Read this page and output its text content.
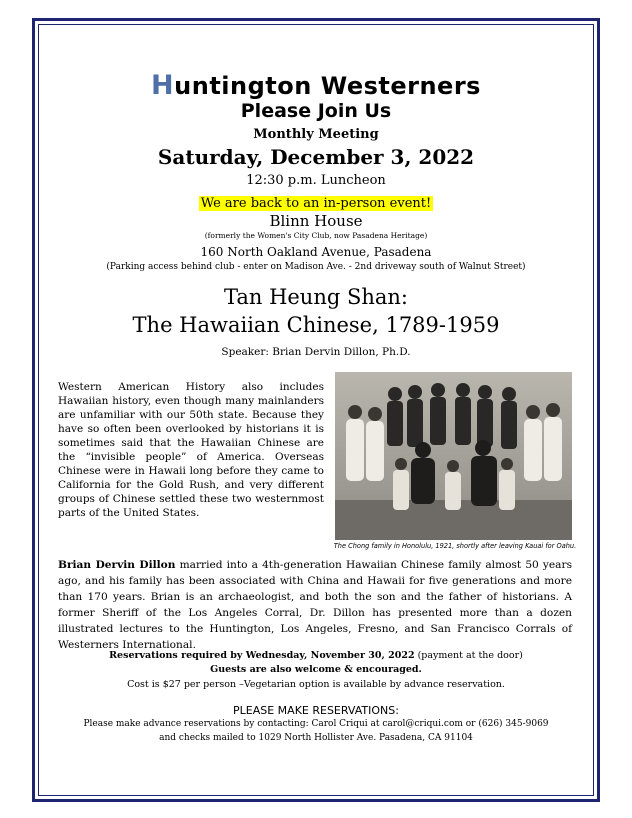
Huntington Westerners
Please Join Us
Monthly Meeting
Saturday, December 3, 2022
12:30 p.m. Luncheon
We are back to an in-person event!
Blinn House
(formerly the Women's City Club, now Pasadena Heritage)
160 North Oakland Avenue, Pasadena
(Parking access behind club - enter on Madison Ave. - 2nd driveway south of Walnut Street)
Tan Heung Shan:
The Hawaiian Chinese, 1789-1959
Speaker: Brian Dervin Dillon, Ph.D.
Western American History also includes Hawaiian history, even though many mainlanders are unfamiliar with our 50th state. Because they have so often been overlooked by historians it is sometimes said that the Hawaiian Chinese are the “invisible people” of America. Overseas Chinese were in Hawaii long before they came to California for the Gold Rush, and very different groups of Chinese settled these two westernmost parts of the United States.
The Chong family in Honolulu, 1921, shortly after leaving Kauai for Oahu.
Brian Dervin Dillon married into a 4th-generation Hawaiian Chinese family almost 50 years ago, and his family has been associated with China and Hawaii for five generations and more than 170 years. Brian is an archaeologist, and both the son and the father of historians. A former Sheriff of the Los Angeles Corral, Dr. Dillon has presented more than a dozen illustrated lectures to the Huntington, Los Angeles, Fresno, and San Francisco Corrals of Westerners International.
Reservations required by Wednesday, November 30, 2022 (payment at the door)
Guests are also welcome & encouraged.
Cost is $27 per person –Vegetarian option is available by advance reservation.
PLEASE MAKE RESERVATIONS:
Please make advance reservations by contacting: Carol Criqui at carol@criqui.com or (626) 345-9069
and checks mailed to 1029 North Hollister Ave. Pasadena, CA 91104
